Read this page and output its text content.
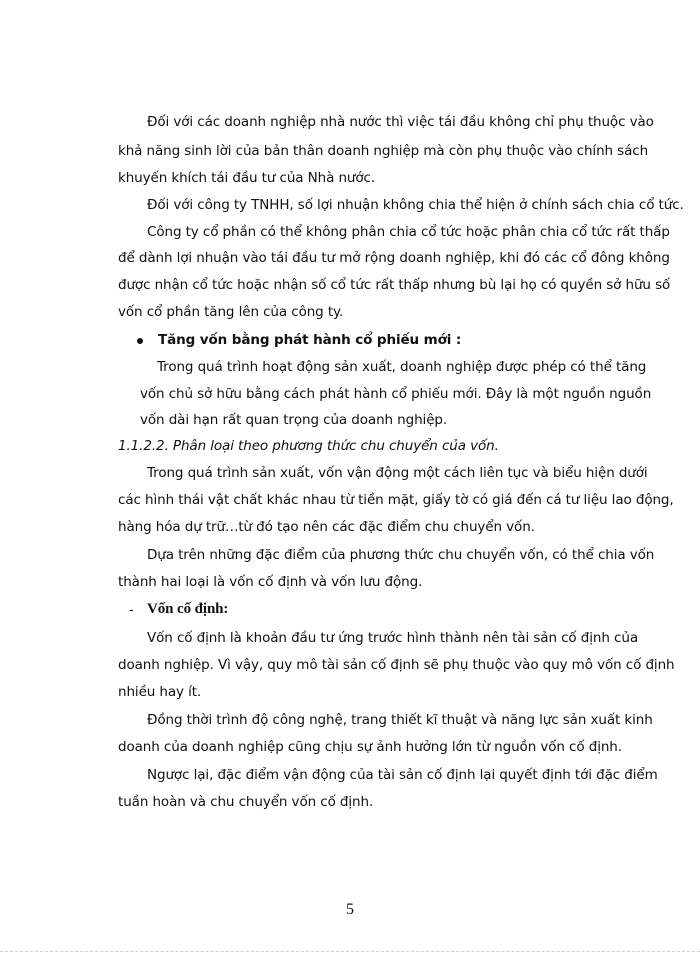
Đối với các doanh nghiệp nhà nước thì việc tái đầu không chỉ phụ thuộc vào
khả năng sinh lời của bản thân doanh nghiệp mà còn phụ thuộc vào chính sách
khuyến khích tái đầu tư của Nhà nước.
Đối với công ty TNHH, số lợi nhuận không chia thể hiện ở chính sách chia cổ tức.
Công ty cổ phần có thể không phân chia cổ tức hoặc phân chia cổ tức rất thấp
để dành lợi nhuận vào tái đầu tư mở rộng doanh nghiệp, khi đó các cổ đông không
được nhận cổ tức hoặc nhận số cổ tức rất thấp nhưng bù lại họ có quyền sở hữu số
vốn cổ phần tăng lên của công ty.
Tăng vốn bằng phát hành cổ phiếu mới :
Trong quá trình hoạt động sản xuất, doanh nghiệp được phép có thể tăng
vốn chủ sở hữu bằng cách phát hành cổ phiếu mới. Đây là một nguồn nguồn
vốn dài hạn rất quan trọng của doanh nghiệp.
1.1.2.2. Phân loại theo phương thức chu chuyển của vốn.
Trong quá trình sản xuất, vốn vận động một cách liên tục và biểu hiện dưới
các hình thái vật chất khác nhau từ tiền mặt, giấy tờ có giá đến cá tư liệu lao động,
hàng hóa dự trữ…từ đó tạo nên các đặc điểm chu chuyển vốn.
Dựa trên những đặc điểm của phương thức chu chuyển vốn, có thể chia vốn
thành hai loại là vốn cố định và vốn lưu động.
- Vốn cố định:
Vốn cố định là khoản đầu tư ứng trước hình thành nên tài sản cố định của
doanh nghiệp. Vì vậy, quy mô tài sản cố định sẽ phụ thuộc vào quy mô vốn cố định
nhiều hay ít.
Đồng thời trình độ công nghệ, trang thiết kĩ thuật và năng lực sản xuất kinh
doanh của doanh nghiệp cũng chịu sự ảnh hưởng lớn từ nguồn vốn cố định.
Ngược lại, đặc điểm vận động của tài sản cố định lại quyết định tới đặc điểm
tuần hoàn và chu chuyển vốn cố định.
5
